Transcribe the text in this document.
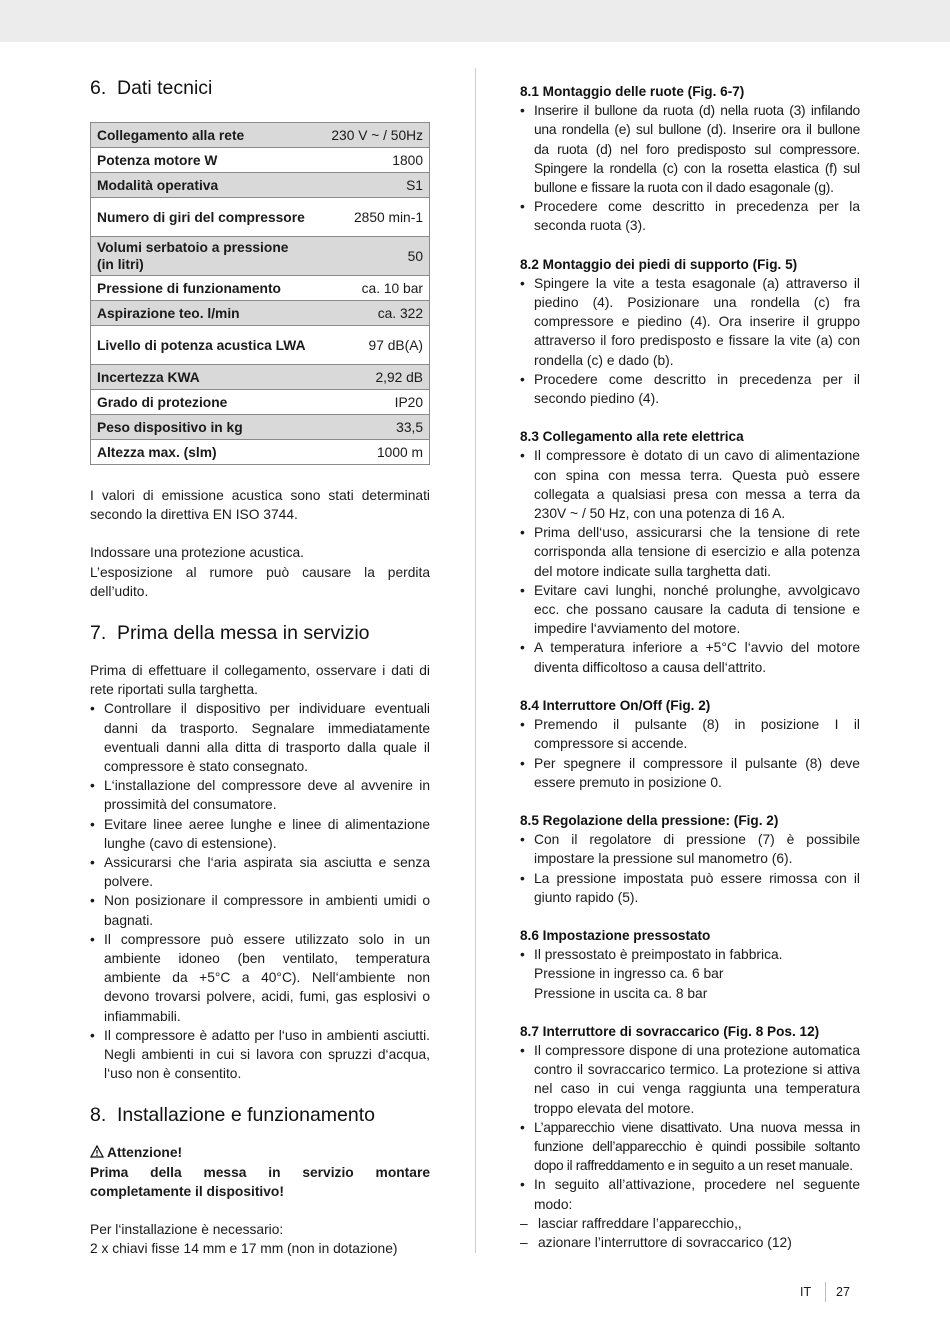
6. Dati tecnici
Collegamento alla rete	230 V ~ / 50Hz
Potenza motore W	1800
Modalità operativa	S1
Numero di giri del compressore	2850 min-1
Volumi serbatoio a pressione (in litri)	50
Pressione di funzionamento	ca. 10 bar
Aspirazione teo. l/min	ca. 322
Livello di potenza acustica LWA	97 dB(A)
Incertezza KWA	2,92 dB
Grado di protezione	IP20
Peso dispositivo in kg	33,5
Altezza max. (slm)	1000 m

I valori di emissione acustica sono stati determinati secondo la direttiva EN ISO 3744.

Indossare una protezione acustica.

L’esposizione al rumore può causare la perdita dell’udito.

7. Prima della messa in servizio

Prima di effettuare il collegamento, osservare i dati di rete riportati sulla targhetta.

• Controllare il dispositivo per individuare eventuali danni da trasporto. Segnalare immediatamente eventuali danni alla ditta di trasporto dalla quale il compressore è stato consegnato.
• L‘installazione del compressore deve al avvenire in prossimità del consumatore.
• Evitare linee aeree lunghe e linee di alimentazione lunghe (cavo di estensione).
• Assicurarsi che l‘aria aspirata sia asciutta e senza polvere.
• Non posizionare il compressore in ambienti umidi o bagnati.
• Il compressore può essere utilizzato solo in un ambiente idoneo (ben ventilato, temperatura ambiente da +5°C a 40°C). Nell‘ambiente non devono trovarsi polvere, acidi, fumi, gas esplosivi o infiammabili.
• Il compressore è adatto per l‘uso in ambienti asciutti. Negli ambienti in cui si lavora con spruzzi d‘acqua, l‘uso non è consentito.
8. Installazione e funzionamento
Attenzione!

Prima della messa in servizio montare completamente il dispositivo!

Per l‘installazione è necessario:

2 x chiavi fisse 14 mm e 17 mm (non in dotazione)

8.1 Montaggio delle ruote (Fig. 6-7)
• Inserire il bullone da ruota (d) nella ruota (3) infilando una rondella (e) sul bullone (d). Inserire ora il bullone da ruota (d) nel foro predisposto sul compressore. Spingere la rondella (c) con la rosetta elastica (f) sul bullone e fissare la ruota con il dado esagonale (g).
• Procedere come descritto in precedenza per la seconda ruota (3).
8.2 Montaggio dei piedi di supporto (Fig. 5)
• Spingere la vite a testa esagonale (a) attraverso il piedino (4). Posizionare una rondella (c) fra compressore e piedino (4). Ora inserire il gruppo attraverso il foro predisposto e fissare la vite (a) con rondella (c) e dado (b).
• Procedere come descritto in precedenza per il secondo piedino (4).
8.3 Collegamento alla rete elettrica
• Il compressore è dotato di un cavo di alimentazione con spina con messa terra. Questa può essere collegata a qualsiasi presa con messa a terra da 230V ~ / 50 Hz, con una potenza di 16 A.
• Prima dell‘uso, assicurarsi che la tensione di rete corrisponda alla tensione di esercizio e alla potenza del motore indicate sulla targhetta dati.
• Evitare cavi lunghi, nonché prolunghe, avvolgicavo ecc. che possano causare la caduta di tensione e impedire l‘avviamento del motore.
• A temperatura inferiore a +5°C l‘avvio del motore diventa difficoltoso a causa dell‘attrito.
8.4 Interruttore On/Off (Fig. 2)
• Premendo il pulsante (8) in posizione I il compressore si accende.
• Per spegnere il compressore il pulsante (8) deve essere premuto in posizione 0.
8.5 Regolazione della pressione: (Fig. 2)
• Con il regolatore di pressione (7) è possibile impostare la pressione sul manometro (6).
• La pressione impostata può essere rimossa con il giunto rapido (5).
8.6 Impostazione pressostato
• Il pressostato è preimpostato in fabbrica.
Pressione in ingresso ca. 6 bar
Pressione in uscita ca. 8 bar
8.7 Interruttore di sovraccarico (Fig. 8 Pos. 12)
• Il compressore dispone di una protezione automatica contro il sovraccarico termico. La protezione si attiva nel caso in cui venga raggiunta una temperatura troppo elevata del motore.
• L’apparecchio viene disattivato. Una nuova messa in funzione dell’apparecchio è quindi possibile soltanto dopo il raffreddamento e in seguito a un reset manuale.
• In seguito all’attivazione, procedere nel seguente modo:
– lasciar raffreddare l’apparecchio,,
– azionare l’interruttore di sovraccarico (12)
IT	27
